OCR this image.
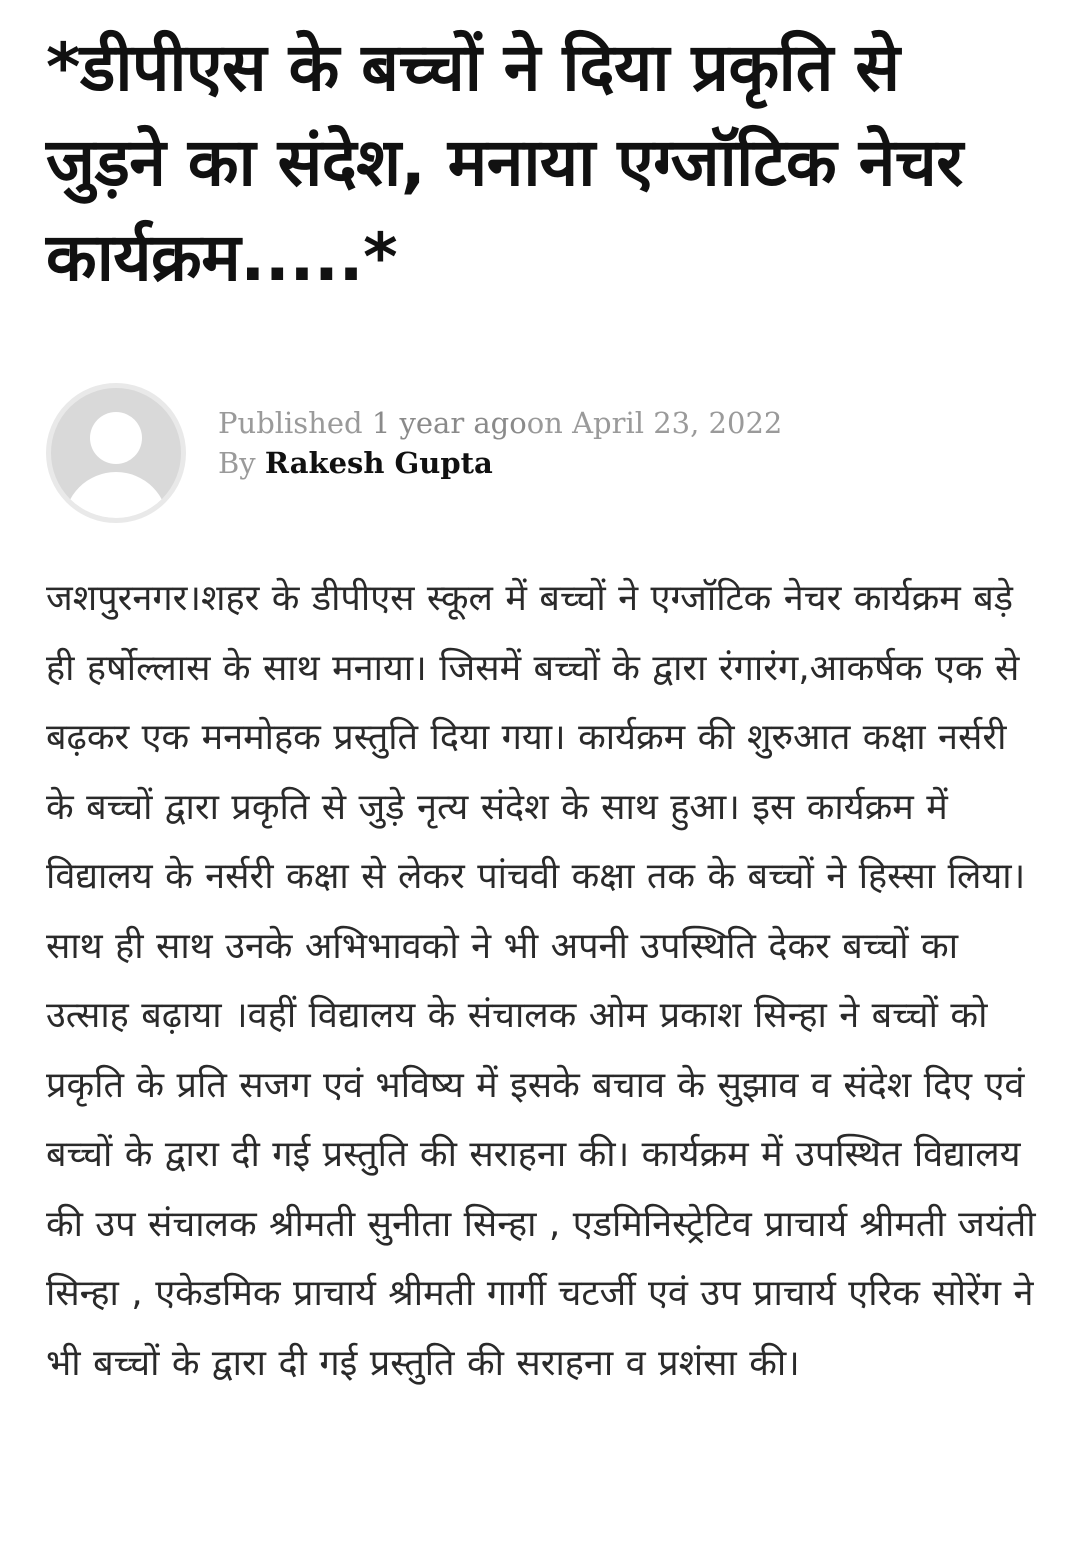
*डीपीएस के बच्चों ने दिया प्रकृति से जुड़ने का संदेश, मनाया एग्जॉटिक नेचर कार्यक्रम.....*
Published 1 year agoon April 23, 2022
By Rakesh Gupta

जशपुरनगर।शहर के डीपीएस स्कूल में बच्चों ने एग्जॉटिक नेचर कार्यक्रम बड़े ही हर्षोल्लास के साथ मनाया। जिसमें बच्चों के द्वारा रंगारंग,आकर्षक एक से बढ़कर एक मनमोहक प्रस्तुति दिया गया। कार्यक्रम की शुरुआत कक्षा नर्सरी के बच्चों द्वारा प्रकृति से जुड़े नृत्य संदेश के साथ हुआ। इस कार्यक्रम में विद्यालय के नर्सरी कक्षा से लेकर पांचवी कक्षा तक के बच्चों ने हिस्सा लिया। साथ ही साथ उनके अभिभावको ने भी अपनी उपस्थिति देकर बच्चों का उत्साह बढ़ाया ।वहीं विद्यालय के संचालक ओम प्रकाश सिन्हा ने बच्चों को प्रकृति के प्रति सजग एवं भविष्य में इसके बचाव के सुझाव व संदेश दिए एवं बच्चों के द्वारा दी गई प्रस्तुति की सराहना की। कार्यक्रम में उपस्थित विद्यालय की उप संचालक श्रीमती सुनीता सिन्हा , एडमिनिस्ट्रेटिव प्राचार्य श्रीमती जयंती सिन्हा , एकेडमिक प्राचार्य श्रीमती गार्गी चटर्जी एवं उप प्राचार्य एरिक सोरेंग ने भी बच्चों के द्वारा दी गई प्रस्तुति की सराहना व प्रशंसा की।
